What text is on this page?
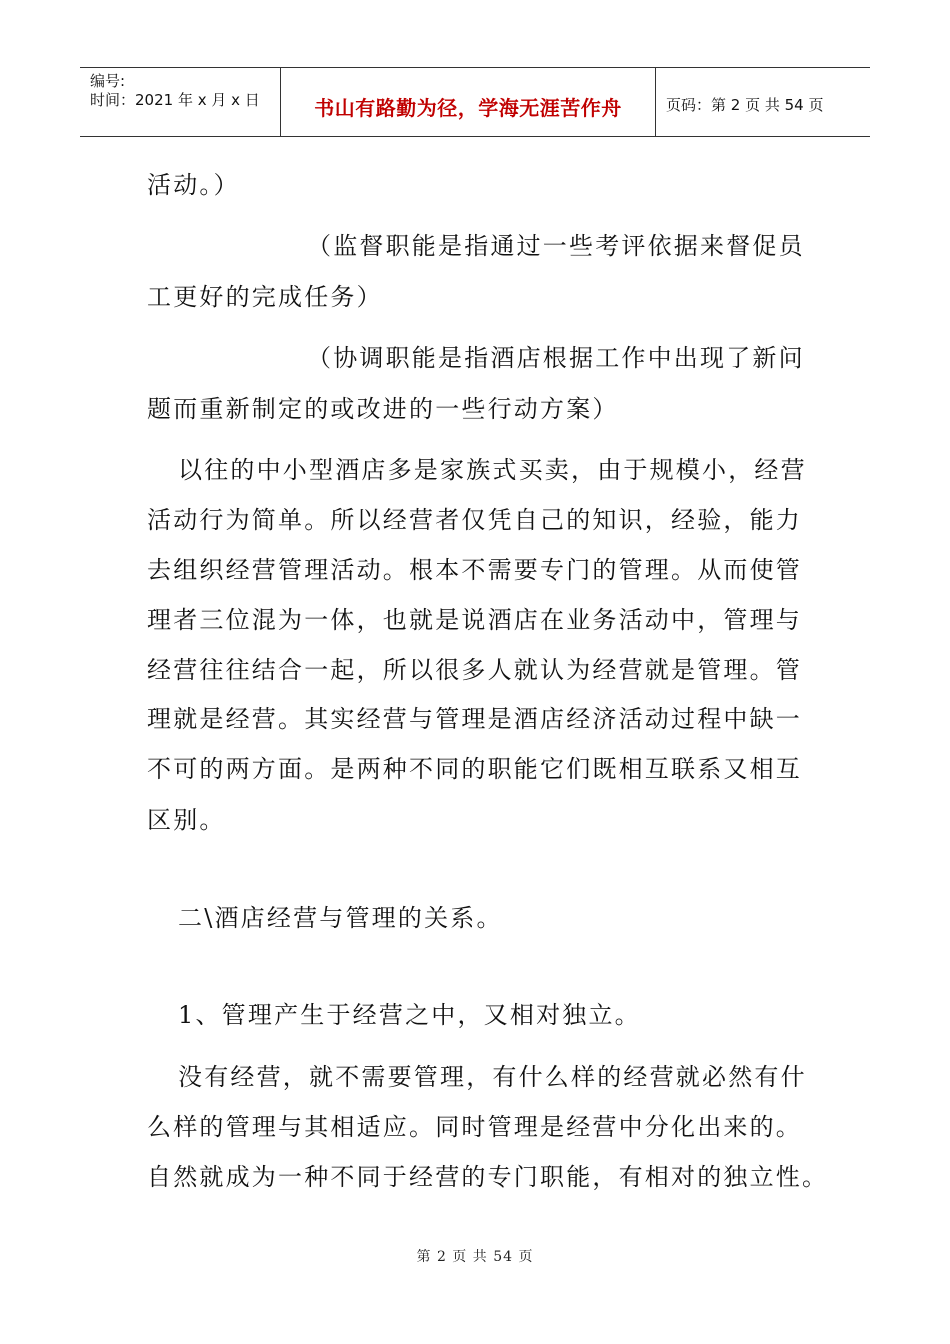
编号:
时间：2021 年 x 月 x 日	书山有路勤为径，学海无涯苦作舟	页码：第 2 页 共 54 页
活动。）
（监督职能是指通过一些考评依据来督促员
工更好的完成任务）
（协调职能是指酒店根据工作中出现了新问
题而重新制定的或改进的一些行动方案）
以往的中小型酒店多是家族式买卖，由于规模小，经营
活动行为简单。所以经营者仅凭自己的知识，经验，能力
去组织经营管理活动。根本不需要专门的管理。从而使管
理者三位混为一体，也就是说酒店在业务活动中，管理与
经营往往结合一起，所以很多人就认为经营就是管理。管
理就是经营。其实经营与管理是酒店经济活动过程中缺一
不可的两方面。是两种不同的职能它们既相互联系又相互
区别。
二\酒店经营与管理的关系。
1、管理产生于经营之中，又相对独立。
没有经营，就不需要管理，有什么样的经营就必然有什
么样的管理与其相适应。同时管理是经营中分化出来的。
自然就成为一种不同于经营的专门职能，有相对的独立性。
第 2 页 共 54 页
